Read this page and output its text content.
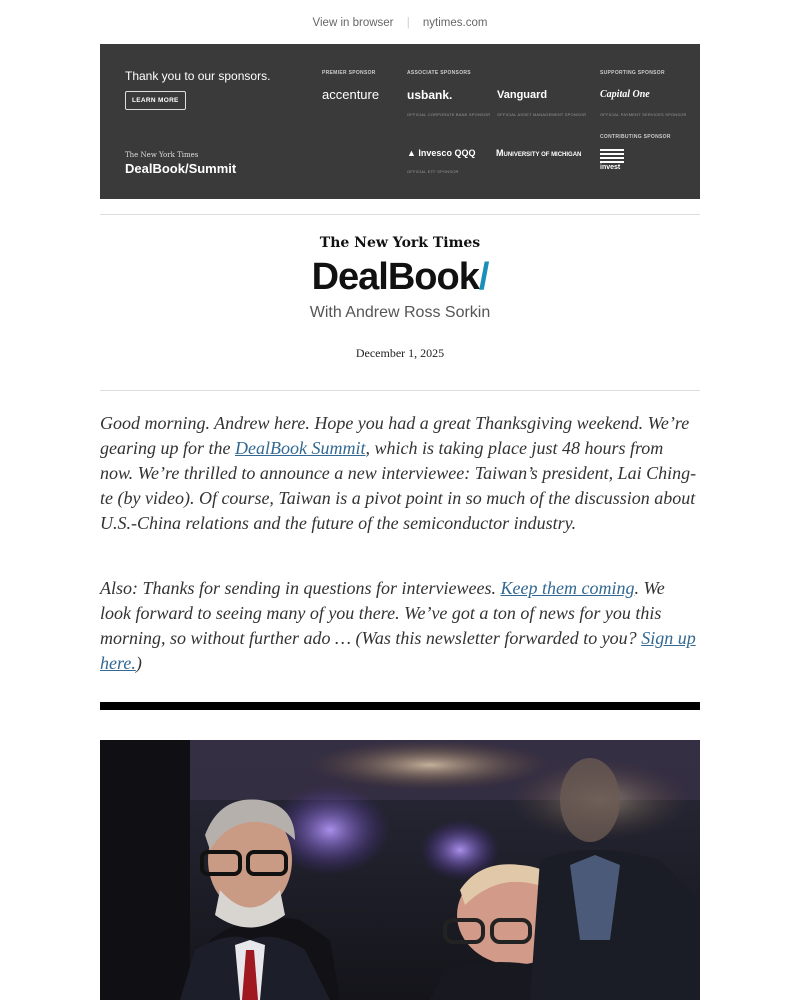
View in browser | nytimes.com
Thank you to our sponsors.
LEARN MORE
The New York Times
DealBook/Summit
PREMIER SPONSOR
accenture
ASSOCIATE SPONSORS
usbank.
OFFICIAL CORPORATE BANK SPONSOR
Vanguard
OFFICIAL ASSET MANAGEMENT SPONSOR
▲ Invesco QQQ
OFFICIAL ETF SPONSOR
MUNIVERSITY OF MICHIGAN
SUPPORTING SPONSOR
Capital One
OFFICIAL PAYMENT SERVICES SPONSOR
CONTRIBUTING SPONSOR
invest
The New York Times
DealBook/
With Andrew Ross Sorkin
December 1, 2025

Good morning. Andrew here. Hope you had a great Thanksgiving weekend. We’re gearing up for the DealBook Summit, which is taking place just 48 hours from now. We’re thrilled to announce a new interviewee: Taiwan’s president, Lai Ching-te (by video). Of course, Taiwan is a pivot point in so much of the discussion about U.S.-China relations and the future of the semiconductor industry.

Also: Thanks for sending in questions for interviewees. Keep them coming. We look forward to seeing many of you there. We’ve got a ton of news for you this morning, so without further ado … (Was this newsletter forwarded to you? Sign up here.)
